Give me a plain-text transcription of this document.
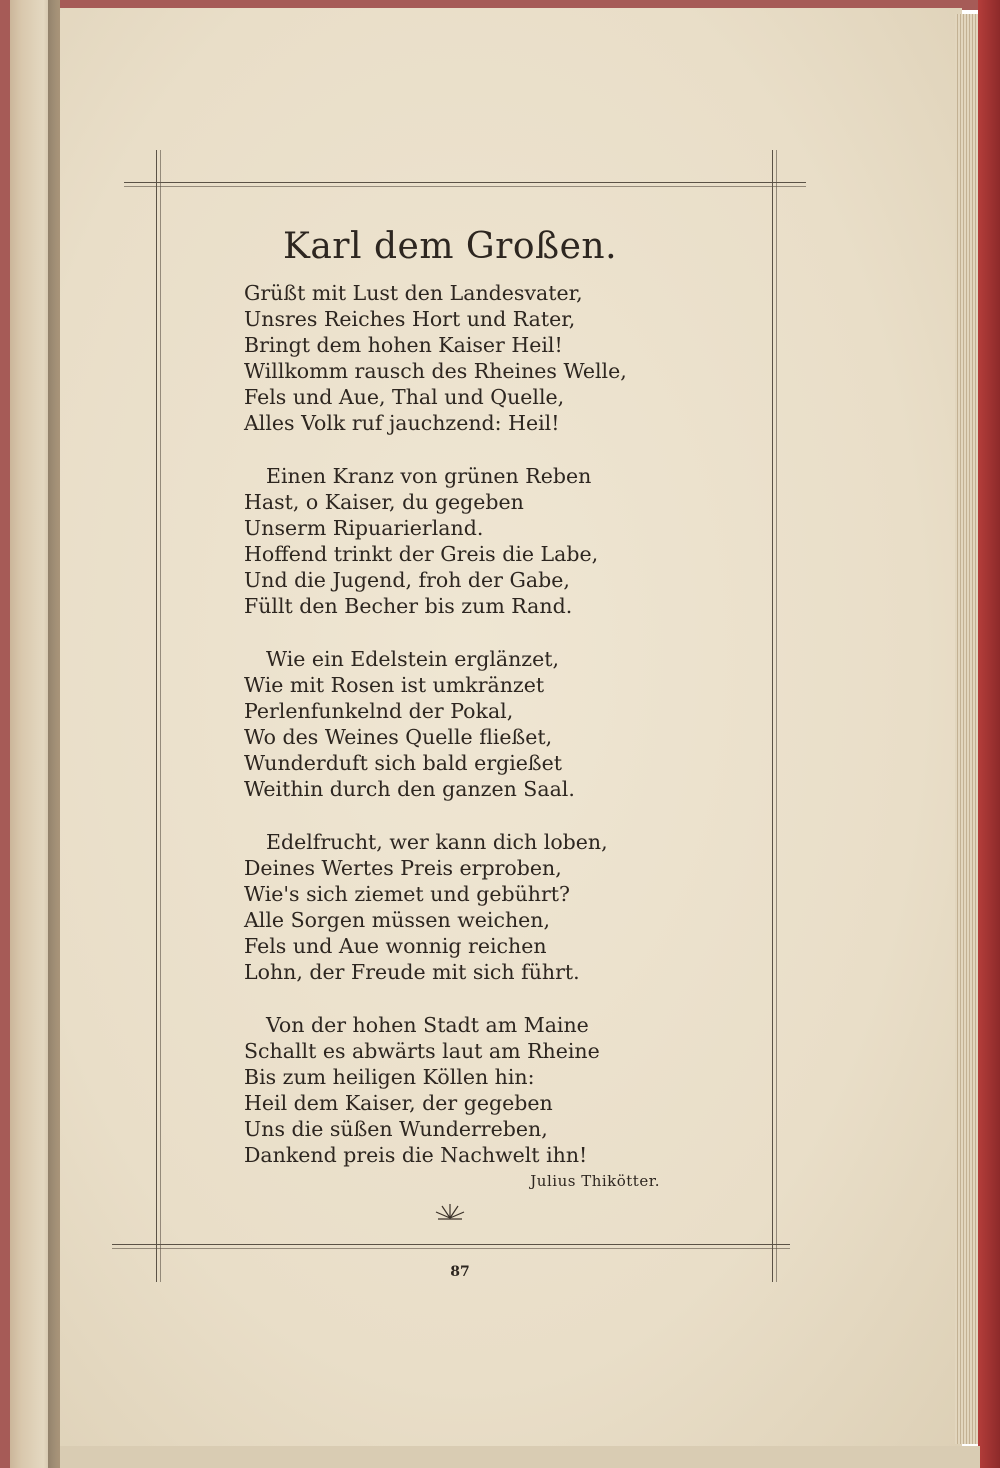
Karl dem Großen.
Grüßt mit Lust den Landesvater,
Unsres Reiches Hort und Rater,
Bringt dem hohen Kaiser Heil!
Willkomm rausch des Rheines Welle,
Fels und Aue, Thal und Quelle,
Alles Volk ruf jauchzend: Heil!
Einen Kranz von grünen Reben
Hast, o Kaiser, du gegeben
Unserm Ripuarierland.
Hoffend trinkt der Greis die Labe,
Und die Jugend, froh der Gabe,
Füllt den Becher bis zum Rand.
Wie ein Edelstein erglänzet,
Wie mit Rosen ist umkränzet
Perlenfunkelnd der Pokal,
Wo des Weines Quelle fließet,
Wunderduft sich bald ergießet
Weithin durch den ganzen Saal.
Edelfrucht, wer kann dich loben,
Deines Wertes Preis erproben,
Wie's sich ziemet und gebührt?
Alle Sorgen müssen weichen,
Fels und Aue wonnig reichen
Lohn, der Freude mit sich führt.
Von der hohen Stadt am Maine
Schallt es abwärts laut am Rheine
Bis zum heiligen Köllen hin:
Heil dem Kaiser, der gegeben
Uns die süßen Wunderreben,
Dankend preis die Nachwelt ihn!
Julius Thikötter.
87
